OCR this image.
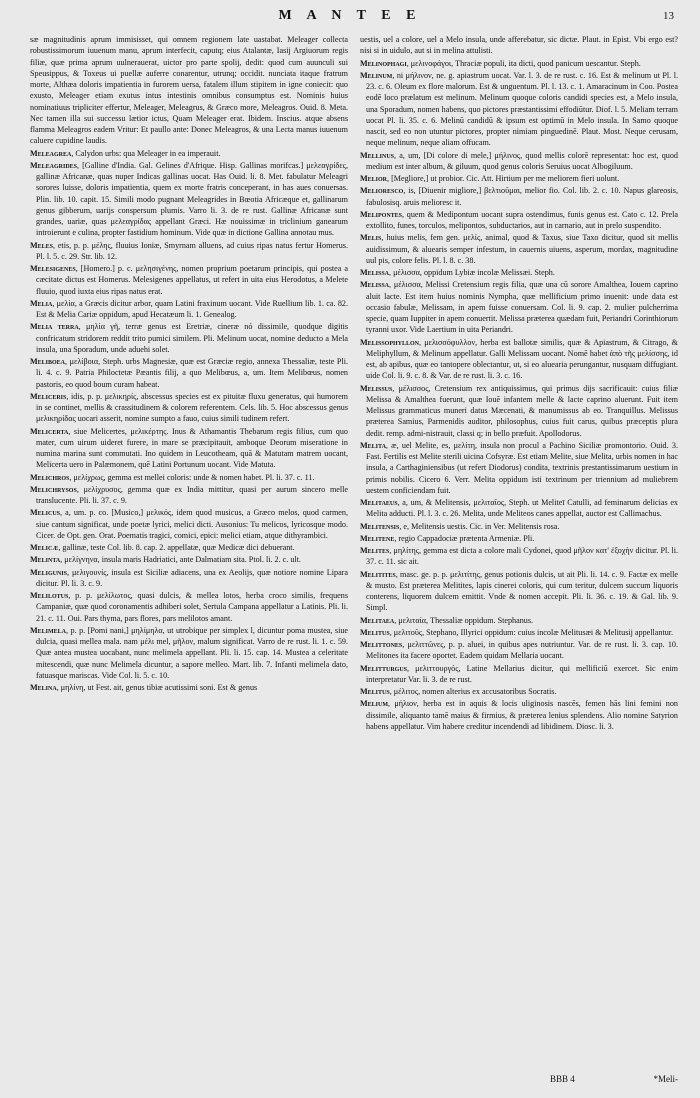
M A N T E E	13

sæ magnitudinis aprum immisisset, qui omnem regionem late uastabat. Meleager collecta robustissimorum iuuenum manu, aprum interfecit, caputq; eius Atalantæ, Iasij Argiuorum regis filiæ, quæ prima aprum uulnerauerat, uictor pro parte spolij, dedit: quod cum auunculi sui Speusippus, & Toxeus ui puellæ auferre conarentur, utrunq; occidit. nunciata itaque fratrum morte, Althæa doloris impatientia in furorem uersa, fatalem illum stipitem in igne coniecit: quo exusto, Meleager etiam exutus intus intestinis omnibus consumptus est. Nominis huius nominatiuus tripliciter effertur, Meleager, Meleagrus, & Græco more, Meleagros. Ouid. 8. Meta. Nec tamen illa sui successu lætior ictus, Quam Meleager erat. Ibidem. Inscius. atque absens flamma Meleagros eadem Vritur: Et paullo ante: Donec Meleagros, & una Lecta manus iuuenum caluere cupidine laudis.

Meleagrea, Calydon urbs: qua Meleager in ea imperauit.

Meleagrides, [Galline d'India. Gal. Gelines d'Afrique. Hisp. Gallinas morifcas.] μελεαγρίδες, gallinæ Africanæ, quas nuper Indicas gallinas uocat. Has Ouid. li. 8. Met. fabulatur Meleagri sorores luisse, doloris impatientia, quem ex morte fratris conceperant, in has aues conuersas. Plin. lib. 10. capit. 15. Simili modo pugnant Meleagrides in Bœotia Africæque et, gallinarum genus gibberum, uarijs conspersum plumis. Varro li. 3. de re rust. Gallinæ Africanæ sunt grandes, uariæ, quas μελεαγρίδας appellant Græci. Hæ nouissimæ in triclinium ganearum introierunt e culina, propter fastidium hominum. Vide quæ in dictione Gallina annotau mus.

Meles, etis, p. p. μέλης, fluuius Ioniæ, Smyrnam alluens, ad cuius ripas natus fertur Homerus. Pl. l. 5. c. 29. Str. lib. 12.

Melesigenes, [Homero.] p. c. μελησιγένης, nomen proprium poetarum principis, qui postea a cæcitate dictus est Homerus. Melesigenes appellatus, ut refert in uita eius Herodotus, a Melete fluuio, quod iuxta eius ripas natus erat.

Melia, μελία, a Græcis dicitur arbor, quam Latini fraxinum uocant. Vide Ruellium lib. 1. ca. 82. Est & Melia Cariæ oppidum, apud Hecatæum li. 1. Genealog.

Melia terra, μηλία γῆ, terræ genus est Eretriæ, cineræ nó dissimile, quodque digitis confricatum stridorem reddit trito pumici similem. Pli. Melinum uocat, nomine deducto a Mela insula, una Sporadum, unde aduehi solet.

Meliboea, μελίβοια, Steph. urbs Magnesiæ, quæ est Græciæ regio, annexa Thessaliæ, teste Pli. li. 4. c. 9. Patria Philoctetæ Pæantis filij, a quo Melibœus, a, um. Item Melibœus, nomen pastoris, eo quod boum curam habeat.

Meliceris, idis, p. p. μελικηρίς, abscessus species est ex pituitæ fluxu generatus, qui humorem in se continet, mellis & crassitudinem & colorem referentem. Cels. lib. 5. Hoc abscessus genus μελικηρίδας uocari asserit, nomine sumpto a fauo, cuius simili tudinem refert.

Melicerta, siue Melicertes, μελικέρτης. Inus & Athamantis Thebarum regis filius, cum quo mater, cum uirum uideret furere, in mare se præcipitauit, amboque Deorum miseratione in numina marina sunt commutati. Ino quidem in Leucotheam, quā & Matutam matrem uocant, Melicerta uero in Palæmonem, quē Latini Portunum uocant. Vide Matuta.

Melichros, μελίχρως, gemma est mellei coloris: unde & nomen habet. Pl. li. 37. c. 11.

Melichrysos, μελίχρυσος, gemma quæ ex India mittitur, quasi per aurum sincero melle translucente. Pli. li. 37. c. 9.

Melicus, a, um. p. co. [Musico,] μελικός, idem quod musicus, a Græco melos, quod carmen, siue cantum significat, unde poetæ lyrici, melici dicti. Ausonius: Tu melicos, lyricosque modo. Cicer. de Opt. gen. Orat. Poematis tragici, comici, epici: melici etiam, atque dithyrambici.

Melicæ, gallinæ, teste Col. lib. 8. cap. 2. appellatæ, quæ Medicæ dici debuerant.

Melinta, μελίγνηνα, insula maris Hadriatici, ante Dalmatiam sita. Ptol. li. 2. c. ult.

Meligunis, μελιγουνίς, insula est Siciliæ adiacens, una ex Aeolijs, quæ notiore nomine Lipara dicitur. Pl. li. 3. c. 9.

Melilotus, p. p. μελίλωτος, quasi dulcis, & mellea lotos, herba croco similis, frequens Campaniæ, quæ quod coronamentis adhiberi solet, Sertula Campana appellatur a Latinis. Pli. li. 21. c. 11. Oui. Pars thyma, pars flores, pars melilotos amant.

Melimela, p. p. [Pomi nani,] μηλίμηλα, ut utrobique per simplex l, dicuntur poma mustea, siue dulcia, quasi mellea mala. nam μέλι mel, μῆλον, malum significat. Varro de re rust. li. 1. c. 59. Quæ antea mustea uocabant, nunc melimela appellant. Pli. li. 15. cap. 14. Mustea a celeritate mitescendi, quæ nunc Melimela dicuntur, a sapore melleo. Mart. lib. 7. Infanti melimela dato, fatuasque mariscas. Vide Col. li. 5. c. 10.

Melina, μηλίνη, ut Fest. ait, genus tibiæ acutissimi soni. Est & genus

uestis, uel a colore, uel a Melo insula, unde afferebatur, sic dictæ. Plaut. in Epist. Vbi ergo est? nisi si in uidulo, aut si in melina attulisti.

Melinophagi, μελινοφάγοι, Thraciæ populi, ita dicti, quod panicum uescantur. Steph.

Melinum, ni μήλινον, ne. g. apiastrum uocat. Var. l. 3. de re rust. c. 16. Est & melinum ut Pl. l. 23. c. 6. Oleum ex flore malorum. Est & unguentum. Pl. l. 13. c. 1. Amaracinum in Coo. Postea eodē loco prælatum est melinum. Melinum quoque coloris candidi species est, a Melo insula, una Sporadum, nomen habens, quo pictores præstantissimi effodiūtur. Diof. l. 5. Meliam terram uocat Pl. li. 35. c. 6. Melinū candidū & ipsum est optimū in Melo insula. In Samo quoque nascit, sed eo non utuntur pictores, propter nimiam pinguedinē. Plaut. Most. Neque cerusam, neque melinum, neque aliam offucam.

Mellinus, a, um, [Di colore di mele,] μήλινος, quod mellis colorē representat: hoc est, quod medium est inter album, & giluum, quod genus coloris Seruius uocat Albogiluum.

Melior, [Megliore,] ut probior. Cic. Att. Hirtium per me meliorem fieri uolunt.

Melioresco, is, [Diuenir migliore,] βελτιοῦμαι, melior fio. Col. lib. 2. c. 10. Napus glareosis, fabulosisq. aruis melioresc it.

Melipontes, quem & Medipontum uocant supra ostendimus, funis genus est. Cato c. 12. Prela extollito, funes, torculos, melipontos, subductarios, aut in carnario, aut in prelo suspendito.

Melis, huius melis, fem gen. μελίς, animal, quod & Taxus, siue Taxo dicitur, quod sit mellis auidissimum, & aluearis semper infestum, in cauernis uiuens, asperum, mordax, magnitudine uul pis, colore felis. Pl. l. 8. c. 38.

Melissa, μέλισσα, oppidum Lybiæ incolæ Melissæi. Steph.

Melissa, μέλισσα, Melissi Cretensium regis filia, quæ una cū sorore Amalthea, Iouem caprino aluit lacte. Est item huius nominis Nympha, quæ mellificium primo inuenit: unde data est occasio fabulæ, Melissam, in apem fuisse conuersam. Col. li. 9. cap. 2. mulier pulcherrima specie, quam Iuppiter in apem conuertit. Melissa præterea quædam fuit, Periandri Corinthiorum tyranni uxor. Vide Laertium in uita Periandri.

Melissophyllon, μελισσόφυλλον, herba est ballotæ similis, quæ & Apiastrum, & Citrago, & Meliphyllum, & Melinum appellatur. Galli Melissam uocant. Nomē habet ἀπὸ τῆς μελίσσης, id est, ab apibus, quæ eo tantopere oblectantur, ut, si eo aluearia perungantur, nusquam diffugiant. uide Col. li. 9. c. 8. & Var. de re rust. li. 3. c. 16.

Melissus, μέλισσος, Cretensium rex antiquissimus, qui primus dijs sacrificauit: cuius filiæ Melissa & Amalthea fuerunt, quæ Iouē infantem melle & lacte caprino aluerunt. Fuit item Melissus grammaticus muneri datus Mæcenati, & manumissus ab eo. Tranquillus. Melissus præterea Samius, Parmenidis auditor, philosophus, cuius fuit carus, quibus præceptis plura dedit. remp. admi-nistrauit, classi q; in bello præfuit. Apollodorus.

Melita, æ, uel Melite, es, μελίτη, insula non procul a Pachino Siciliæ promontorio. Ouid. 3. Fast. Fertilis est Melite sterili uicina Cofsyræ. Est etiam Melite, siue Melita, urbis nomen in hac insula, a Carthaginiensibus (ut refert Diodorus) condita, textrinis prestantissimarum uestium in primis nobilis. Cicero 6. Verr. Melita oppidum isti textrinum per triennium ad muliebrem uestem conficiendam fuit.

Melitaeus, a, um, & Melitensis, μελιταῖος, Steph. ut Meliteī Catulli, ad feminarum delicias ex Melita adducti. Pl. l. 3. c. 26. Melita, unde Meliteos canes appellat, auctor est Callimachus.

Melitensis, e, Melitensis uestis. Cic. in Ver. Melitensis rosa.

Melitene, regio Cappadociæ prætenta Armeniæ. Pli.

Melites, μηλίτης, gemma est dicta a colore mali Cydonei, quod μῆλον κατ' ἐξοχὴν dicitur. Pl. li. 37. c. 11. sic ait.

Melitites, masc. ge. p. p. μελιτίτης, genus potionis dulcis, ut ait Pli. li. 14. c. 9. Factæ ex melle & musto. Est præterea Melitites, lapis cinerei coloris, qui cum teritur, dulcem succum liquoris conterens, liquorem dulcem emittit. Vnde & nomen accepit. Pli. li. 36. c. 19. & Gal. lib. 9. Simpl.

Melitaea, μελιταία, Thessaliæ oppidum. Stephanus.

Melitus, μελιτοῦς, Stephano, Illyrici oppidum: cuius incolæ Melitusæi & Melitusij appellantur.

Melittones, μελιττῶνες, p. p. aluei, in quibus apes nutriuntur. Var. de re rust. li. 3. cap. 10. Melitones ita facere oportet. Eadem quidam Mellaria uocant.

Melitturgus, μελιττουργός, Latine Mellarius dicitur, qui mellificiū exercet. Sic enim interpretatur Var. li. 3. de re rust.

Melitus, μέλιτος, nomen alterius ex accusatoribus Socratis.

Melium, μήλιον, herba est in aquis & locis uliginosis nascēs, femen hās lini femini non dissimile, aliquanto tamē maius & firmius, & præterea lenius splendens. Alio nomine Satyrion habens appellatur. Vim habere creditur incendendi ad libidinem. Diosc. li. 3.

BBB 4	*Meli-
